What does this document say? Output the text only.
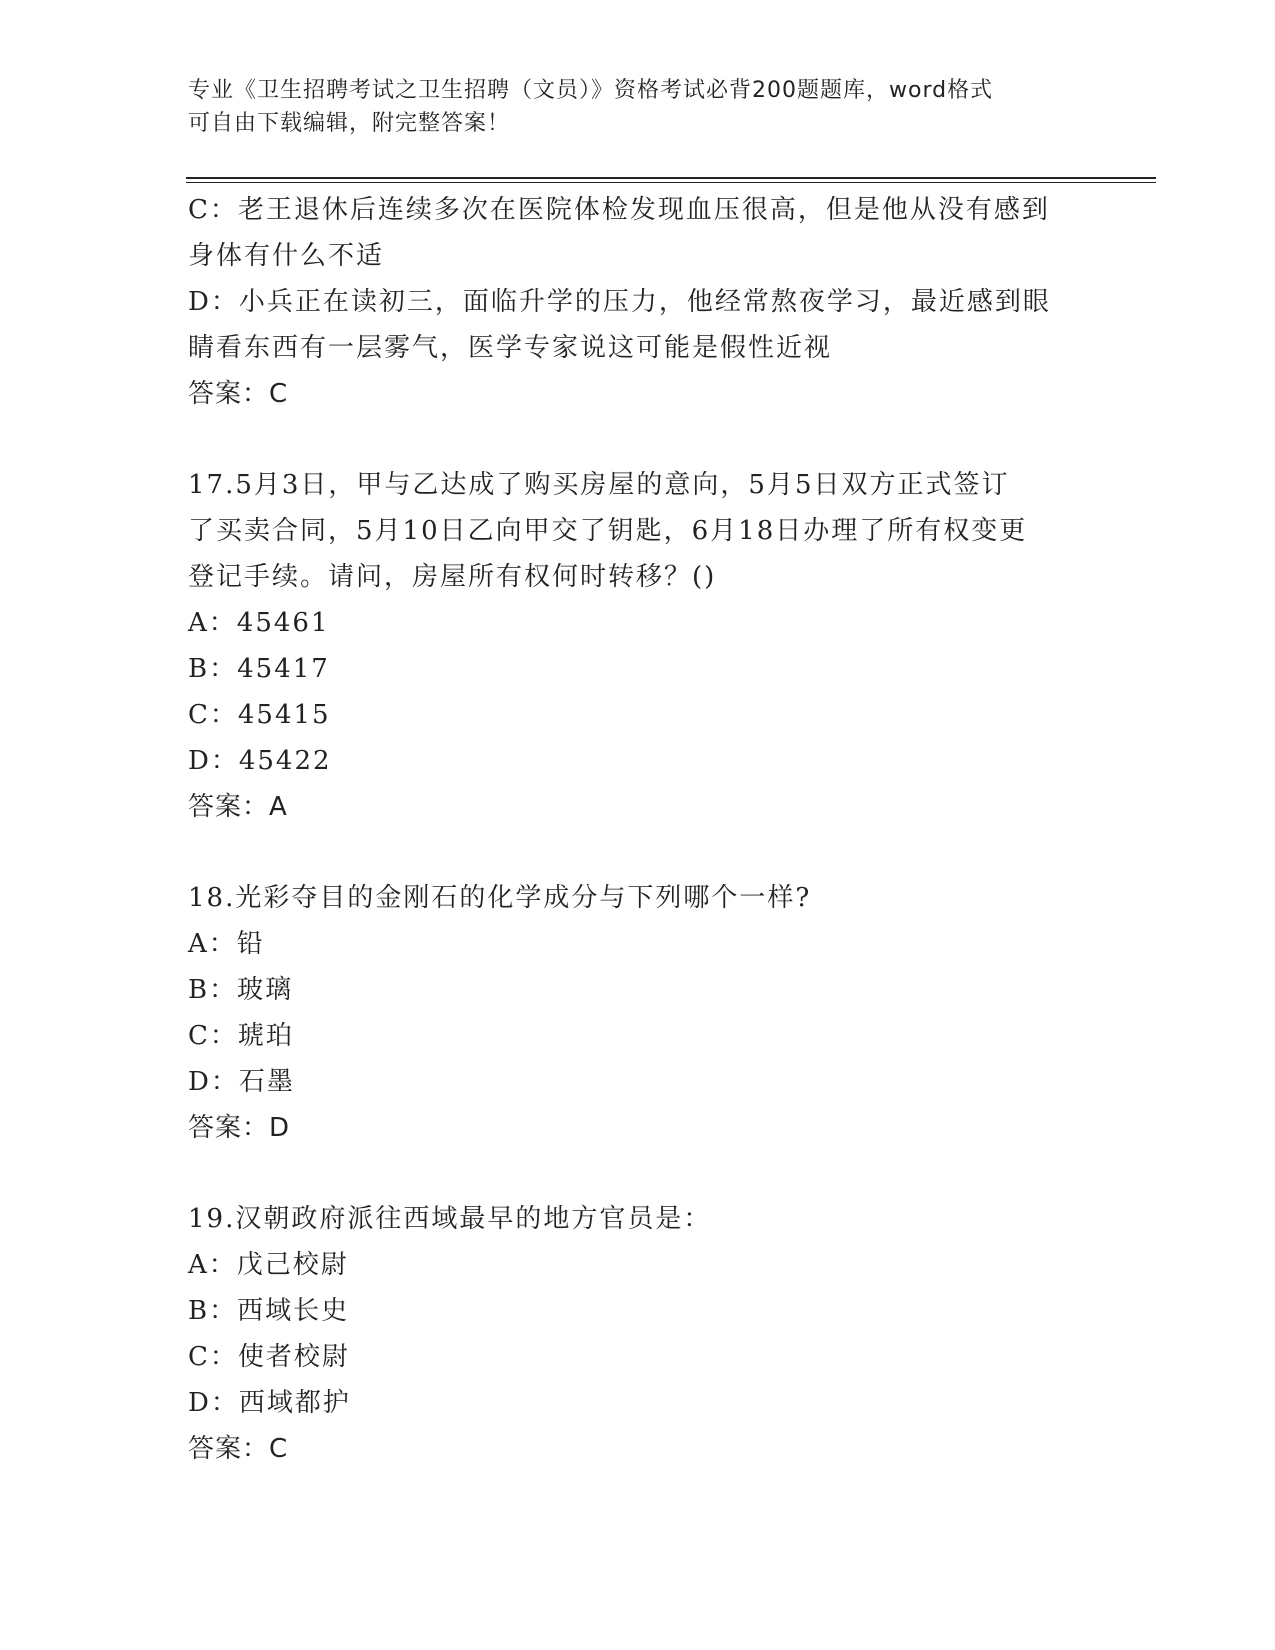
专业《卫生招聘考试之卫生招聘（文员）》资格考试必背200题题库，word格式
可自由下载编辑，附完整答案！
C：老王退休后连续多次在医院体检发现血压很高，但是他从没有感到
身体有什么不适
D：小兵正在读初三，面临升学的压力，他经常熬夜学习，最近感到眼
睛看东西有一层雾气，医学专家说这可能是假性近视
答案：C
17.5月3日，甲与乙达成了购买房屋的意向，5月5日双方正式签订
了买卖合同，5月10日乙向甲交了钥匙，6月18日办理了所有权变更
登记手续。请问，房屋所有权何时转移？()
A：45461
B：45417
C：45415
D：45422
答案：A
18.光彩夺目的金刚石的化学成分与下列哪个一样?
A：铅
B：玻璃
C：琥珀
D：石墨
答案：D
19.汉朝政府派往西域最早的地方官员是：
A：戊己校尉
B：西域长史
C：使者校尉
D：西域都护
答案：C
